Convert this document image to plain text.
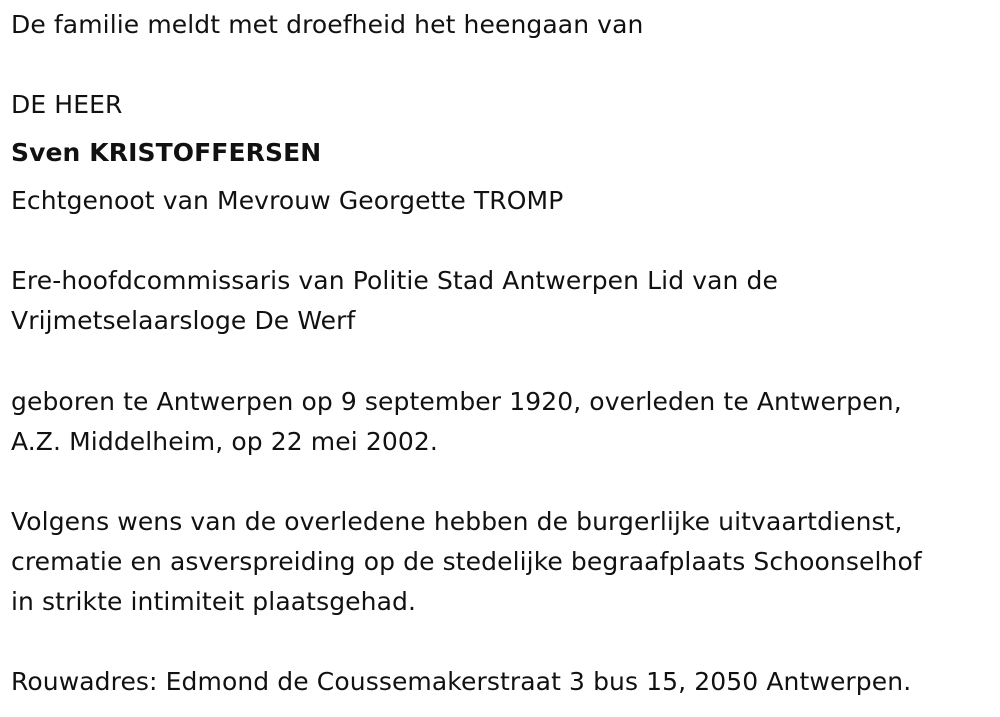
De familie meldt met droefheid het heengaan van
DE HEER
Sven KRISTOFFERSEN
Echtgenoot van Mevrouw Georgette TROMP
Ere-hoofdcommissaris van Politie Stad Antwerpen Lid van de
Vrijmetselaarsloge De Werf
geboren te Antwerpen op 9 september 1920, overleden te Antwerpen,
A.Z. Middelheim, op 22 mei 2002.
Volgens wens van de overledene hebben de burgerlijke uitvaartdienst,
crematie en asverspreiding op de stedelijke begraafplaats Schoonselhof
in strikte intimiteit plaatsgehad.
Rouwadres: Edmond de Coussemakerstraat 3 bus 15, 2050 Antwerpen.
